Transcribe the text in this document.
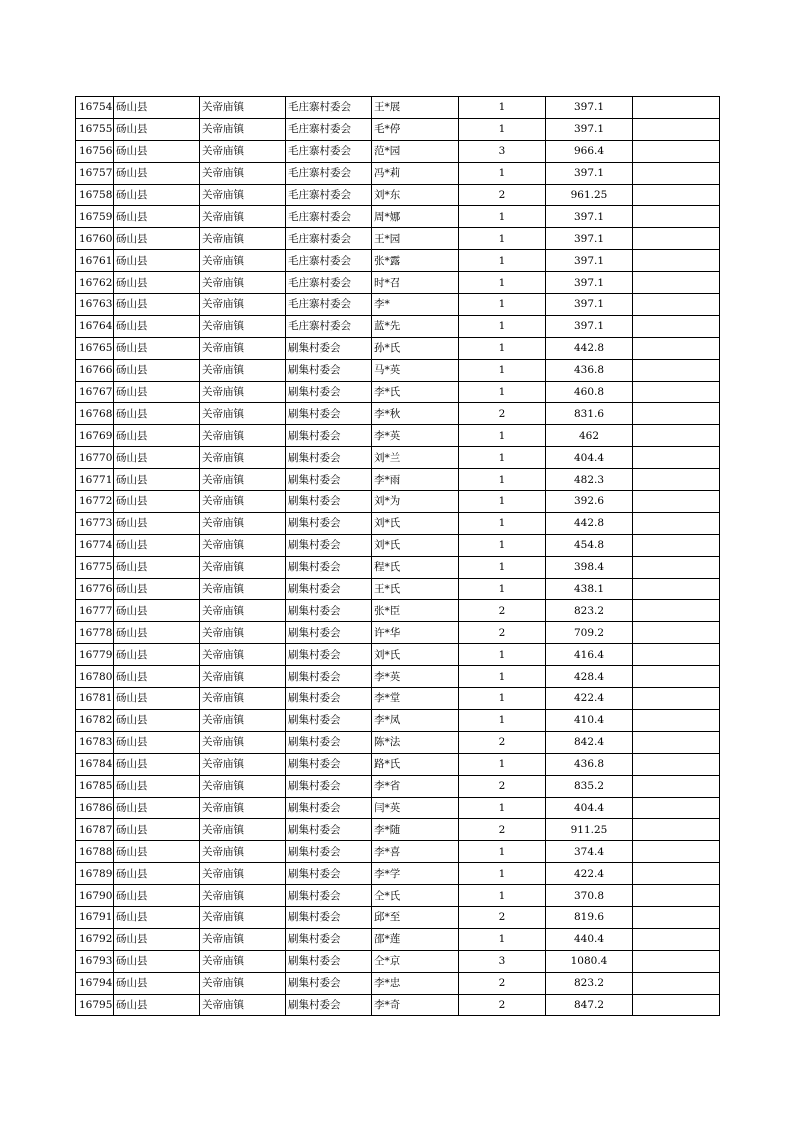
16754	砀山县	关帝庙镇	毛庄寨村委会	王*展	1	397.1	
16755	砀山县	关帝庙镇	毛庄寨村委会	毛*停	1	397.1	
16756	砀山县	关帝庙镇	毛庄寨村委会	范*园	3	966.4	
16757	砀山县	关帝庙镇	毛庄寨村委会	冯*莉	1	397.1	
16758	砀山县	关帝庙镇	毛庄寨村委会	刘*东	2	961.25	
16759	砀山县	关帝庙镇	毛庄寨村委会	周*娜	1	397.1	
16760	砀山县	关帝庙镇	毛庄寨村委会	王*园	1	397.1	
16761	砀山县	关帝庙镇	毛庄寨村委会	张*露	1	397.1	
16762	砀山县	关帝庙镇	毛庄寨村委会	时*召	1	397.1	
16763	砀山县	关帝庙镇	毛庄寨村委会	李*	1	397.1	
16764	砀山县	关帝庙镇	毛庄寨村委会	蓝*先	1	397.1	
16765	砀山县	关帝庙镇	刷集村委会	孙*氏	1	442.8	
16766	砀山县	关帝庙镇	刷集村委会	马*英	1	436.8	
16767	砀山县	关帝庙镇	刷集村委会	李*氏	1	460.8	
16768	砀山县	关帝庙镇	刷集村委会	李*秋	2	831.6	
16769	砀山县	关帝庙镇	刷集村委会	李*英	1	462	
16770	砀山县	关帝庙镇	刷集村委会	刘*兰	1	404.4	
16771	砀山县	关帝庙镇	刷集村委会	李*雨	1	482.3	
16772	砀山县	关帝庙镇	刷集村委会	刘*为	1	392.6	
16773	砀山县	关帝庙镇	刷集村委会	刘*氏	1	442.8	
16774	砀山县	关帝庙镇	刷集村委会	刘*氏	1	454.8	
16775	砀山县	关帝庙镇	刷集村委会	程*氏	1	398.4	
16776	砀山县	关帝庙镇	刷集村委会	王*氏	1	438.1	
16777	砀山县	关帝庙镇	刷集村委会	张*臣	2	823.2	
16778	砀山县	关帝庙镇	刷集村委会	许*华	2	709.2	
16779	砀山县	关帝庙镇	刷集村委会	刘*氏	1	416.4	
16780	砀山县	关帝庙镇	刷集村委会	李*英	1	428.4	
16781	砀山县	关帝庙镇	刷集村委会	李*堂	1	422.4	
16782	砀山县	关帝庙镇	刷集村委会	李*凤	1	410.4	
16783	砀山县	关帝庙镇	刷集村委会	陈*法	2	842.4	
16784	砀山县	关帝庙镇	刷集村委会	路*氏	1	436.8	
16785	砀山县	关帝庙镇	刷集村委会	李*省	2	835.2	
16786	砀山县	关帝庙镇	刷集村委会	闫*英	1	404.4	
16787	砀山县	关帝庙镇	刷集村委会	李*随	2	911.25	
16788	砀山县	关帝庙镇	刷集村委会	李*喜	1	374.4	
16789	砀山县	关帝庙镇	刷集村委会	李*学	1	422.4	
16790	砀山县	关帝庙镇	刷集村委会	仝*氏	1	370.8	
16791	砀山县	关帝庙镇	刷集村委会	邱*至	2	819.6	
16792	砀山县	关帝庙镇	刷集村委会	邵*莲	1	440.4	
16793	砀山县	关帝庙镇	刷集村委会	仝*京	3	1080.4	
16794	砀山县	关帝庙镇	刷集村委会	李*忠	2	823.2	
16795	砀山县	关帝庙镇	刷集村委会	李*奇	2	847.2	
